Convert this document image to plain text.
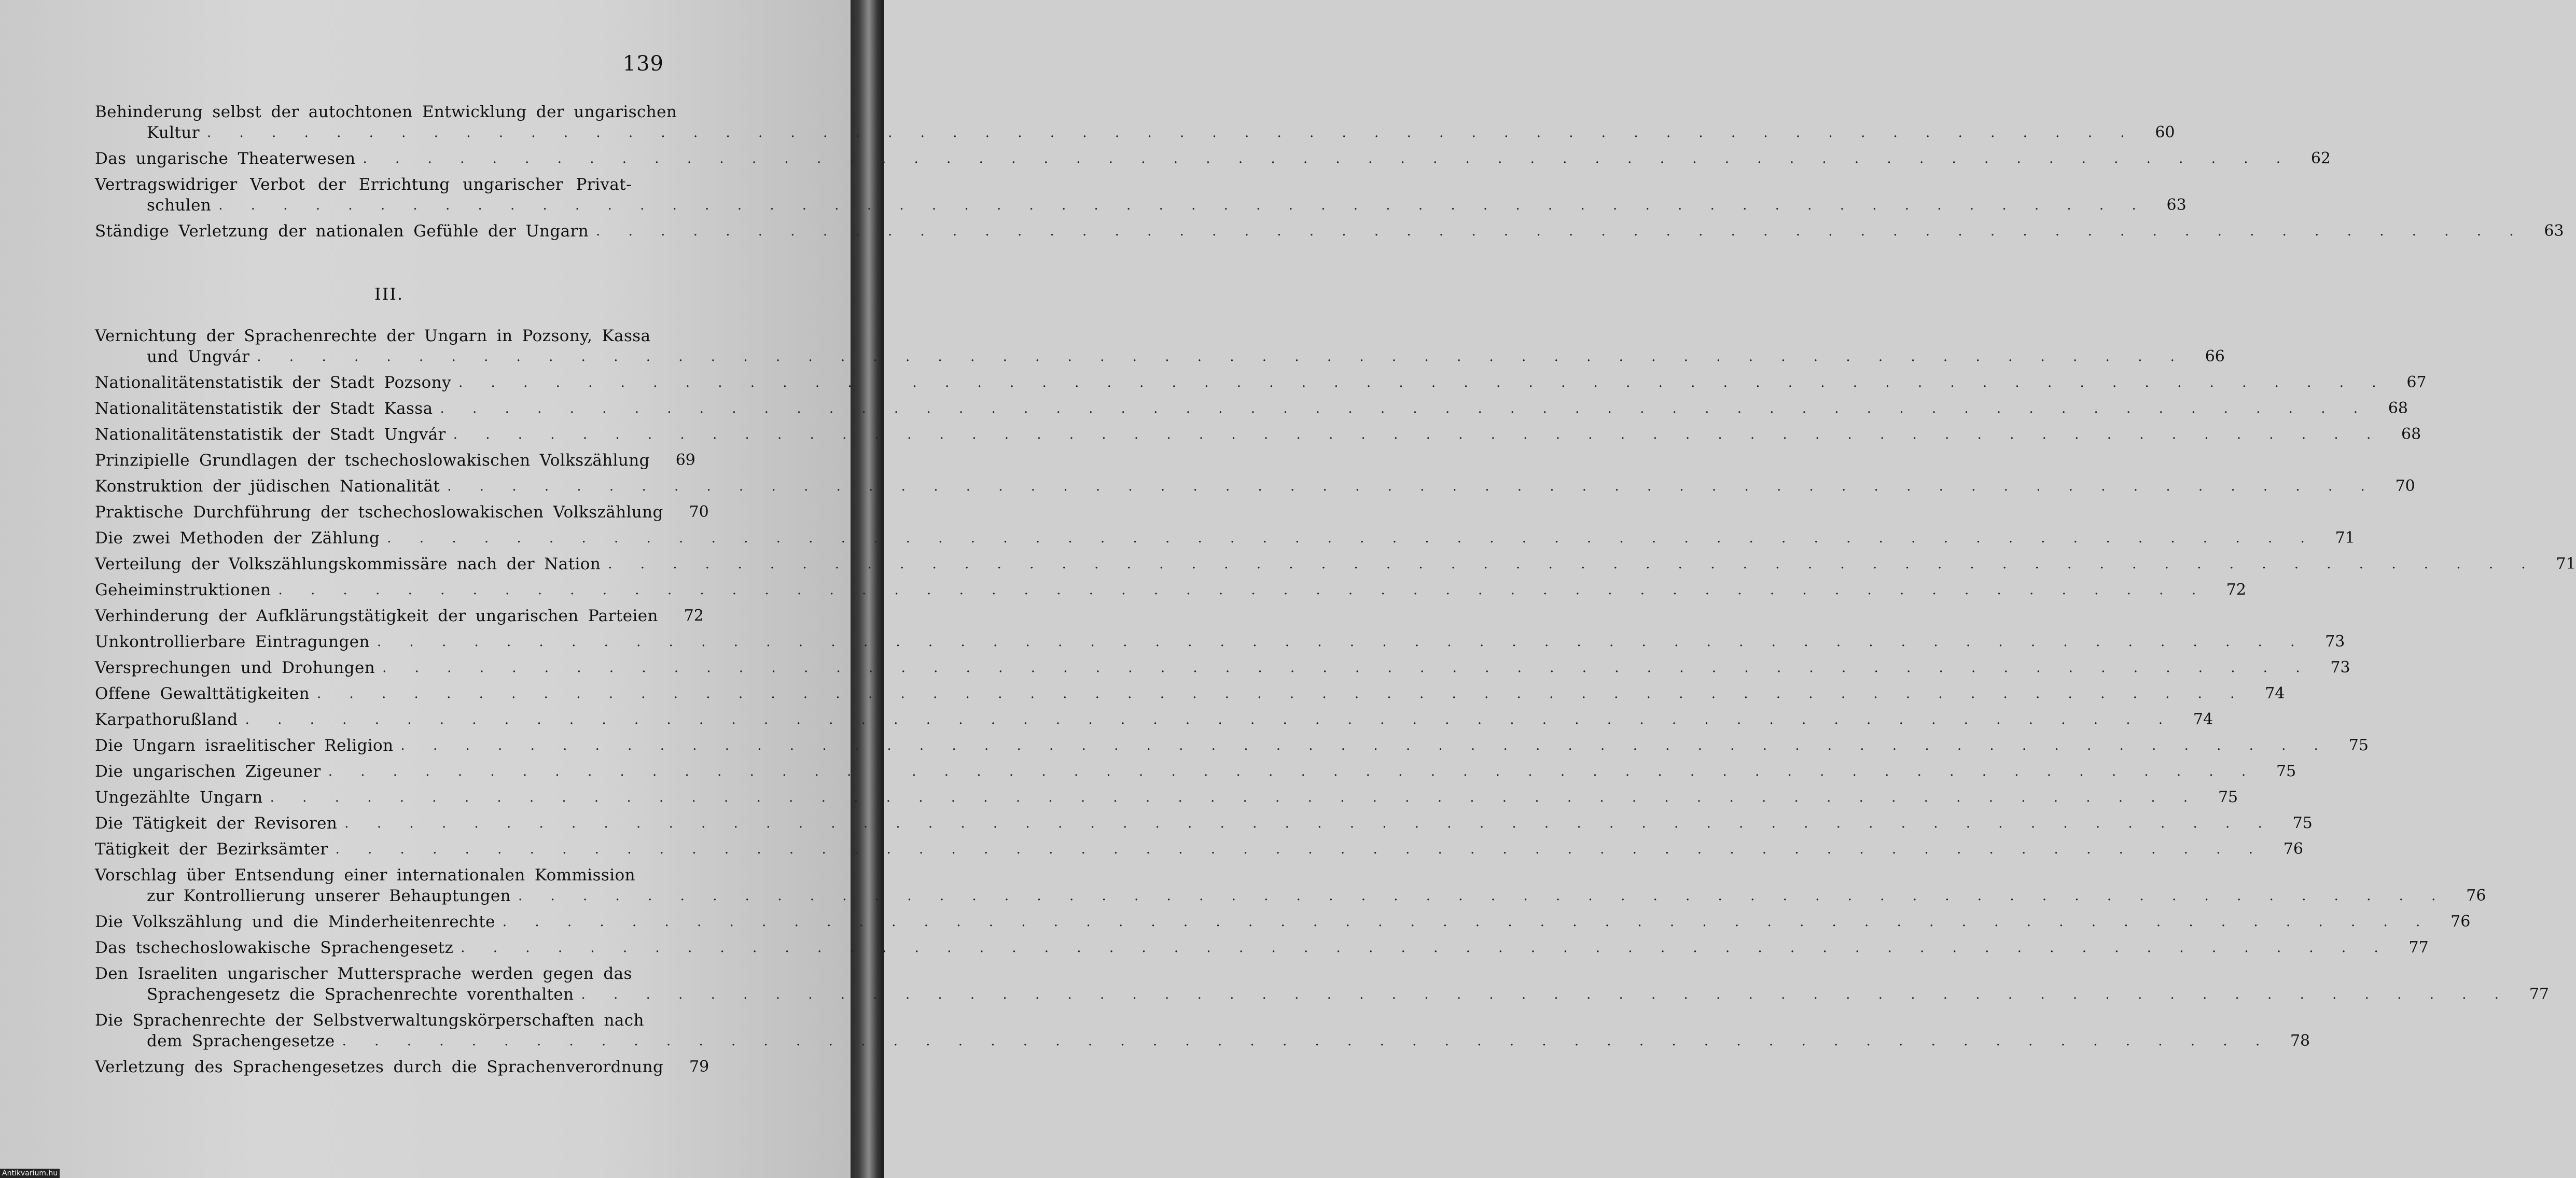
139
Behinderung selbst der autochtonen Entwicklung der ungarischen
Kultur . . . . . . . . . . . . . . . . . . . . . . . . . . . . . . . . . . . . . . . . . . . . . . . . . . . . . . . . . . . .	60
Das ungarische Theaterwesen . . . . . . . . . . . . . . . . . . . . . . . . . . . . . . . . . . . . . . . . . . . . . . . . . . . . . . . . . . . .	62
Vertragswidriger Verbot der Errichtung ungarischer Privat-
schulen . . . . . . . . . . . . . . . . . . . . . . . . . . . . . . . . . . . . . . . . . . . . . . . . . . . . . . . . . . . .	63
Ständige Verletzung der nationalen Gefühle der Ungarn . . . . . . . . . . . . . . . . . . . . . . . . . . . . . . . . . . . . . . . . . . . . . . . . . . . . . . . . . . . .	63
III.
Vernichtung der Sprachenrechte der Ungarn in Pozsony, Kassa
und Ungvár . . . . . . . . . . . . . . . . . . . . . . . . . . . . . . . . . . . . . . . . . . . . . . . . . . . . . . . . . . . .	66
Nationalitätenstatistik der Stadt Pozsony . . . . . . . . . . . . . . . . . . . . . . . . . . . . . . . . . . . . . . . . . . . . . . . . . . . . . . . . . . . .	67
Nationalitätenstatistik der Stadt Kassa . . . . . . . . . . . . . . . . . . . . . . . . . . . . . . . . . . . . . . . . . . . . . . . . . . . . . . . . . . . .	68
Nationalitätenstatistik der Stadt Ungvár . . . . . . . . . . . . . . . . . . . . . . . . . . . . . . . . . . . . . . . . . . . . . . . . . . . . . . . . . . . .	68
Prinzipielle Grundlagen der tschechoslowakischen Volkszählung	69
Konstruktion der jüdischen Nationalität . . . . . . . . . . . . . . . . . . . . . . . . . . . . . . . . . . . . . . . . . . . . . . . . . . . . . . . . . . . .	70
Praktische Durchführung der tschechoslowakischen Volkszählung	70
Die zwei Methoden der Zählung . . . . . . . . . . . . . . . . . . . . . . . . . . . . . . . . . . . . . . . . . . . . . . . . . . . . . . . . . . . .	71
Verteilung der Volkszählungskommissäre nach der Nation . . . . . . . . . . . . . . . . . . . . . . . . . . . . . . . . . . . . . . . . . . . . . . . . . . . . . . . . . . . .	71
Geheiminstruktionen . . . . . . . . . . . . . . . . . . . . . . . . . . . . . . . . . . . . . . . . . . . . . . . . . . . . . . . . . . . .	72
Verhinderung der Aufklärungstätigkeit der ungarischen Parteien	72
Unkontrollierbare Eintragungen . . . . . . . . . . . . . . . . . . . . . . . . . . . . . . . . . . . . . . . . . . . . . . . . . . . . . . . . . . . .	73
Versprechungen und Drohungen . . . . . . . . . . . . . . . . . . . . . . . . . . . . . . . . . . . . . . . . . . . . . . . . . . . . . . . . . . . .	73
Offene Gewalttätigkeiten . . . . . . . . . . . . . . . . . . . . . . . . . . . . . . . . . . . . . . . . . . . . . . . . . . . . . . . . . . . .	74
Karpathorußland . . . . . . . . . . . . . . . . . . . . . . . . . . . . . . . . . . . . . . . . . . . . . . . . . . . . . . . . . . . .	74
Die Ungarn israelitischer Religion . . . . . . . . . . . . . . . . . . . . . . . . . . . . . . . . . . . . . . . . . . . . . . . . . . . . . . . . . . . .	75
Die ungarischen Zigeuner . . . . . . . . . . . . . . . . . . . . . . . . . . . . . . . . . . . . . . . . . . . . . . . . . . . . . . . . . . . .	75
Ungezählte Ungarn . . . . . . . . . . . . . . . . . . . . . . . . . . . . . . . . . . . . . . . . . . . . . . . . . . . . . . . . . . . .	75
Die Tätigkeit der Revisoren . . . . . . . . . . . . . . . . . . . . . . . . . . . . . . . . . . . . . . . . . . . . . . . . . . . . . . . . . . . .	75
Tätigkeit der Bezirksämter . . . . . . . . . . . . . . . . . . . . . . . . . . . . . . . . . . . . . . . . . . . . . . . . . . . . . . . . . . . .	76
Vorschlag über Entsendung einer internationalen Kommission
zur Kontrollierung unserer Behauptungen . . . . . . . . . . . . . . . . . . . . . . . . . . . . . . . . . . . . . . . . . . . . . . . . . . . . . . . . . . . .	76
Die Volkszählung und die Minderheitenrechte . . . . . . . . . . . . . . . . . . . . . . . . . . . . . . . . . . . . . . . . . . . . . . . . . . . . . . . . . . . .	76
Das tschechoslowakische Sprachengesetz . . . . . . . . . . . . . . . . . . . . . . . . . . . . . . . . . . . . . . . . . . . . . . . . . . . . . . . . . . . .	77
Den Israeliten ungarischer Muttersprache werden gegen das
Sprachengesetz die Sprachenrechte vorenthalten . . . . . . . . . . . . . . . . . . . . . . . . . . . . . . . . . . . . . . . . . . . . . . . . . . . . . . . . . . . .	77
Die Sprachenrechte der Selbstverwaltungskörperschaften nach
dem Sprachengesetze . . . . . . . . . . . . . . . . . . . . . . . . . . . . . . . . . . . . . . . . . . . . . . . . . . . . . . . . . . . .	78
Verletzung des Sprachengesetzes durch die Sprachenverordnung	79
Antikvarium.hu
